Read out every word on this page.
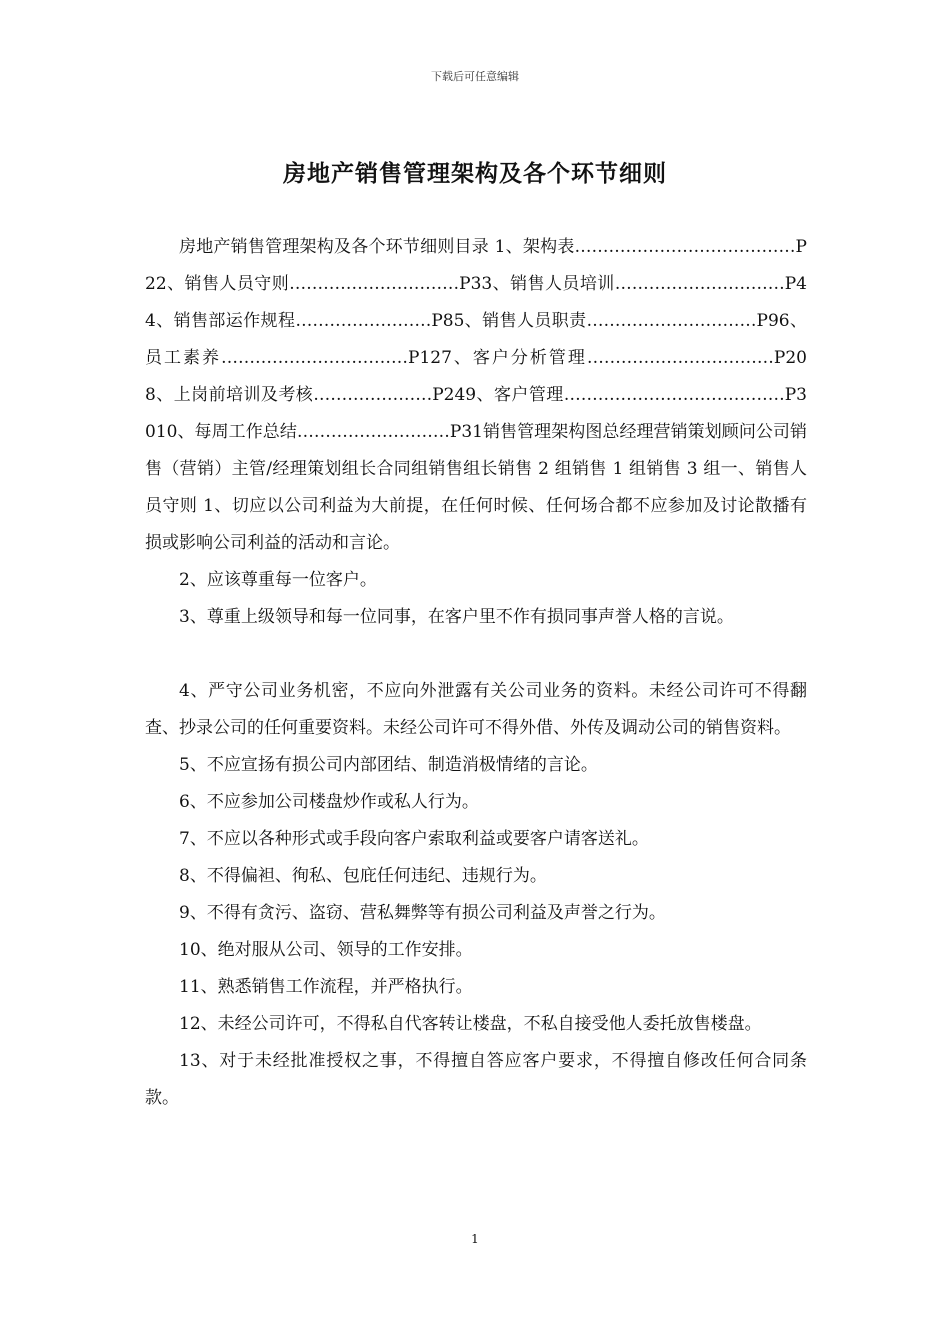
下载后可任意编辑
房地产销售管理架构及各个环节细则

房地产销售管理架构及各个环节细则目录 1、架构表…………………………………P22、销售人员守则…………………………P33、销售人员培训…………………………P44、销售部运作规程……………………P85、销售人员职责…………………………P96、员工素养……………………………P127、客户分析管理……………………………P208、上岗前培训及考核…………………P249、客户管理…………………………………P3010、每周工作总结………………………P31销售管理架构图总经理营销策划顾问公司销售（营销）主管/经理策划组长合同组销售组长销售 2 组销售 1 组销售 3 组一、销售人员守则 1、切应以公司利益为大前提，在任何时候、任何场合都不应参加及讨论散播有损或影响公司利益的活动和言论。

2、应该尊重每一位客户。

3、尊重上级领导和每一位同事，在客户里不作有损同事声誉人格的言说。

4、严守公司业务机密，不应向外泄露有关公司业务的资料。未经公司许可不得翻查、抄录公司的任何重要资料。未经公司许可不得外借、外传及调动公司的销售资料。

5、不应宣扬有损公司内部团结、制造消极情绪的言论。

6、不应参加公司楼盘炒作或私人行为。

7、不应以各种形式或手段向客户索取利益或要客户请客送礼。

8、不得偏袒、徇私、包庇任何违纪、违规行为。

9、不得有贪污、盗窃、营私舞弊等有损公司利益及声誉之行为。

10、绝对服从公司、领导的工作安排。

11、熟悉销售工作流程，并严格执行。

12、未经公司许可，不得私自代客转让楼盘，不私自接受他人委托放售楼盘。

13、对于未经批准授权之事，不得擅自答应客户要求，不得擅自修改任何合同条款。

1
